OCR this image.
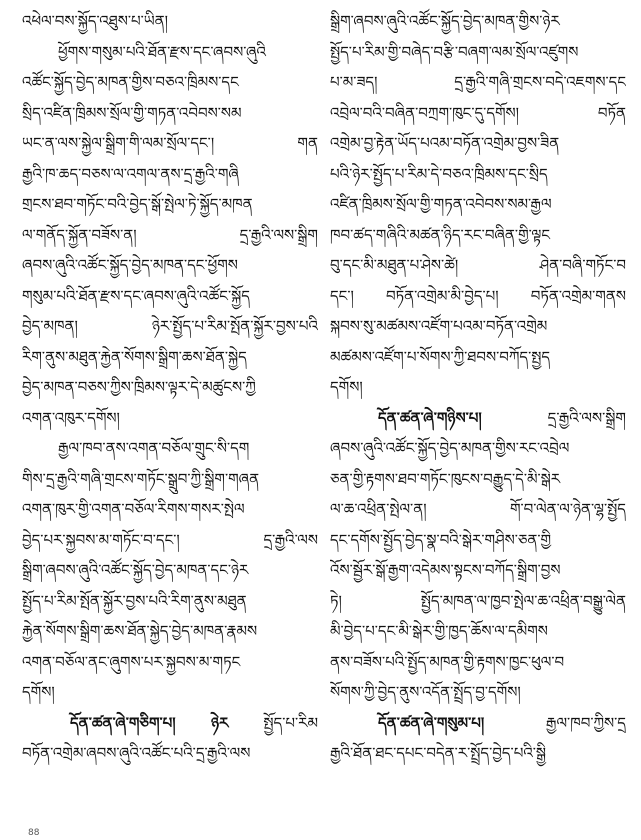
འཕེལ་བས་སྐྱོད་འཐུས་པ་ཡིན།
ཕྱོགས་གསུམ་པའི་ཐོན་རྫས་དང་ཞབས་ཞུའི
འཚོང་སྐྱོད་བྱེད་མཁན་གྱིས་བཅའ་ཁྲིམས་དང
སྲིད་འཛིན་ཁྲིམས་སྲོལ་གྱི་གཏན་འབེབས་སམ
ཡང་ན་ལས་སྐྱེལ་སྒྲིག་གི་ལམ་སྲོལ་དང་། གན
རྒྱའི་ཁ་ཆད་བཅས་ལ་འགལ་ནས་དྲ་རྒྱའི་གཞི
གྲངས་ཐབ་གཏོང་བའི་བྱེད་སྒོ་སྤེལ་ཏེ་སྐྱོད་མཁན
ལ་གནོད་སྐྱོན་བཟོས་ན། དྲ་རྒྱའི་ལས་སྒྲིག
ཞབས་ཞུའི་འཚོང་སྐྱོད་བྱེད་མཁན་དང་ཕྱོགས
གསུམ་པའི་ཐོན་རྫས་དང་ཞབས་ཞུའི་འཚོང་སྐྱོད
བྱེད་མཁན། ཉེར་སྤྱོད་པ་རིམ་སྤོན་སྐྱོར་བྱས་པའི
རིག་ནུས་མཐུན་རྐྱེན་སོགས་སྒྲིག་ཆས་ཐོན་སྐྱེད
བྱེད་མཁན་བཅས་ཀྱིས་ཁྲིམས་ལྟར་དེ་མཚུངས་ཀྱི
འགན་འཁུར་དགོས།
རྒྱལ་ཁབ་ནས་འགན་བཅོལ་གྲུང་སི་དག
གིས་དྲ་རྒྱའི་གཞི་གྲངས་གཏོང་སྒྲུབ་ཀྱི་སྒྲིག་གཞན
འགན་ཁུར་གྱི་འགན་བཅོལ་རིགས་གསར་སྤེལ
བྱེད་པར་སྐྱབས་མ་གཏོང་བ་དང་། དྲ་རྒྱའི་ལས
སྒྲིག་ཞབས་ཞུའི་འཚོང་སྐྱོད་བྱེད་མཁན་དང་ཉེར
སྤྱོད་པ་རིམ་སྤོན་སྐྱོར་བྱས་པའི་རིག་ནུས་མཐུན
རྐྱེན་སོགས་སྒྲིག་ཆས་ཐོན་སྐྱེད་བྱེད་མཁན་རྣམས
འགན་བཅོལ་ནང་ཞུགས་པར་སྐྱབས་མ་གཏང
དགོས།
དོན་ཚན་ཞེ་གཅིག་པ། ཉེར སྤྱོད་པ་རིམ
བཏོན་འགྲེམ་ཞབས་ཞུའི་འཚོང་པའི་དྲ་རྒྱའི་ལས
སྒྲིག་ཞབས་ཞུའི་འཚོང་སྐྱོད་བྱེད་མཁན་གྱིས་ཉེར
སྤྱོད་པ་རིམ་གྱི་བཞེད་བརྩི་བཞག་ལམ་སྲོལ་འཛུགས
པ་མ་ཟད། དྲ་རྒྱའི་གཞི་གྲངས་བདེ་འཇགས་དང
འབྲེལ་བའི་བཞིན་བཀྲག་ཁུང་དུ་དགོས། བཏོན
འགྲེམ་བྱ་རྟེན་ཡོད་པའམ་བཏོན་འགྲེམ་བྱས་ཟིན
པའི་ཉེར་སྤྱོད་པ་རིམ་དེ་བཅའ་ཁྲིམས་དང་སྲིད
འཛིན་ཁྲིམས་སྲོལ་གྱི་གཏན་འབེབས་སམ་རྒྱལ
ཁབ་ཚད་གཞིའི་མཚན་ཉིད་རང་བཞིན་གྱི་ལྟང
བུ་དང་མི་མཐུན་པ་ཤེས་ཚེ། ཤེན་བཞི་གཏོང་བ
དང་། བཏོན་འགྲེམ་མི་བྱེད་པ། བཏོན་འགྲེམ་གནས
སྐབས་སུ་མཚམས་འཛོག་པའམ་བཏོན་འགྲེམ
མཚམས་འཛོག་པ་སོགས་ཀྱི་ཐབས་བཀོད་སྤྱད
དགོས།
དོན་ཚན་ཞེ་གཉིས་པ།	དྲ་རྒྱའི་ལས་སྒྲིག
ཞབས་ཞུའི་འཚོང་སྐྱོད་བྱེད་མཁན་གྱིས་རང་འབྲེལ
ཅན་གྱི་རྟགས་ཐབ་གཏོང་ཁུངས་བརྒྱུད་དེ་མི་སྒེར
ལ་ཆ་འཕྲིན་སྤེལ་ན། གོ་བ་ལེན་ལ་ཉེན་ལྷ་སྤྱོད
དང་དགོས་སྤྱོད་བྱེད་སྣ་བའི་སྒེར་གཤིས་ཅན་གྱི
འོས་སྦྱོར་སྒོ་རྒྱག་འདེམས་སྟངས་བཀོད་སྒྲིག་བྱས
ཏེ། སྤྱོད་མཁན་ལ་ཁྱབ་སྤེལ་ཆ་འཕྲིན་བསྒྱུ་ལེན
མི་བྱེད་པ་དང་མི་སྒེར་གྱི་ཁྱད་ཆོས་ལ་དམིགས
ནས་བཟོས་པའི་སྤྱོད་མཁན་གྱི་རྟགས་ཁྱང་ཕུལ་བ
སོགས་ཀྱི་བྱེད་ནུས་འདོན་སྤྲོད་བྱ་དགོས།
དོན་ཚན་ཞེ་གསུམ་པ།	རྒྱལ་ཁབ་ཀྱིས་དྲ
རྒྱའི་ཐོན་ཐང་དཔང་བདེན་ར་སྤྲོད་བྱེད་པའི་སྒྱི
88
